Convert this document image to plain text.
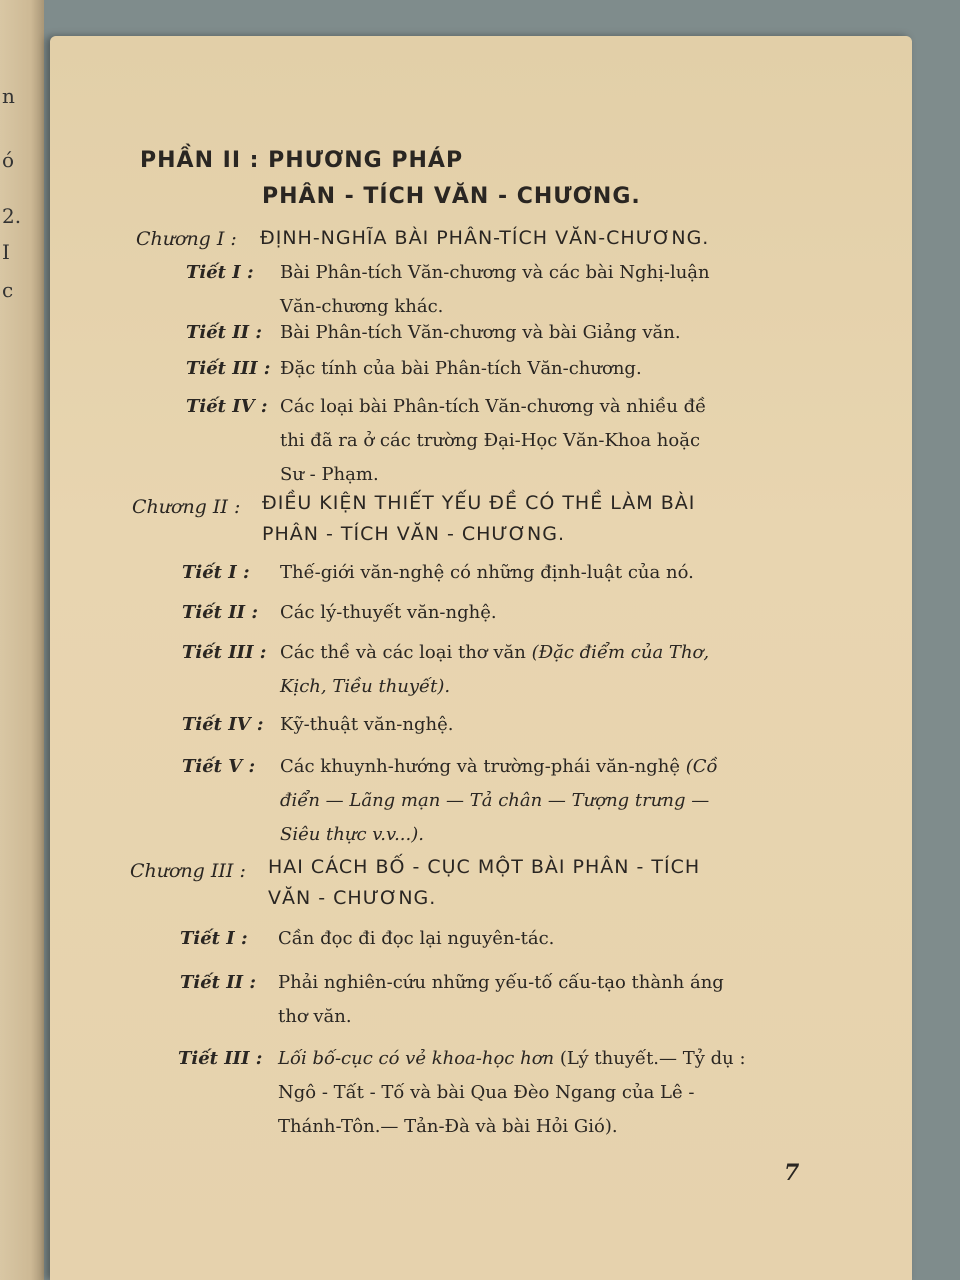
n
ó
2.
I
c
PHẦN II : PHƯƠNG PHÁP
PHÂN - TÍCH VĂN - CHƯƠNG.
Chương I : ĐỊNH-NGHĨA BÀI PHÂN-TÍCH VĂN-CHƯƠNG.
Tiết I : Bài Phân-tích Văn-chương và các bài Nghị-luận
Văn-chương khác.
Tiết II : Bài Phân-tích Văn-chương và bài Giảng văn.
Tiết III : Đặc tính của bài Phân-tích Văn-chương.
Tiết IV : Các loại bài Phân-tích Văn-chương và nhiều đề
thi đã ra ở các trường Đại-Học Văn-Khoa hoặc
Sư - Phạm.
Chương II : ĐIỀU KIỆN THIẾT YẾU ĐỀ CÓ THỀ LÀM BÀI
PHÂN - TÍCH VĂN - CHƯƠNG.
Tiết I : Thế-giới văn-nghệ có những định-luật của nó.
Tiết II : Các lý-thuyết văn-nghệ.
Tiết III : Các thề và các loại thơ văn (Đặc điểm của Thơ,
Kịch, Tiều thuyết).
Tiết IV : Kỹ-thuật văn-nghệ.
Tiết V : Các khuynh-hướng và trường-phái văn-nghệ (Cồ
điển — Lãng mạn — Tả chân — Tượng trưng —
Siêu thực v.v...).
Chương III : HAI CÁCH BỐ - CỤC MỘT BÀI PHÂN - TÍCH
VĂN - CHƯƠNG.
Tiết I : Cần đọc đi đọc lại nguyên-tác.
Tiết II : Phải nghiên-cứu những yếu-tố cấu-tạo thành áng
thơ văn.
Tiết III : Lối bố-cục có vẻ khoa-học hơn (Lý thuyết.— Tỷ dụ :
Ngô - Tất - Tố và bài Qua Đèo Ngang của Lê -
Thánh-Tôn.— Tản-Đà và bài Hỏi Gió).
7
